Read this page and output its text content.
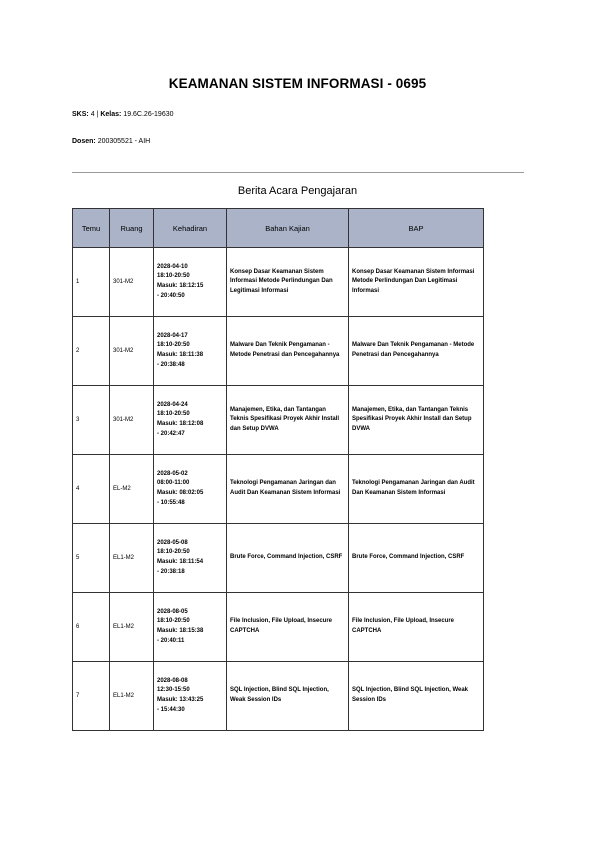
KEAMANAN SISTEM INFORMASI - 0695
SKS: 4 | Kelas: 19.6C.26-19630
Dosen: 200305521 - AIH
Berita Acara Pengajaran
Temu	Ruang	Kehadiran	Bahan Kajian	BAP
1	301-M2	2028-04-10
18:10-20:50
Masuk: 18:12:15
- 20:40:50	Konsep Dasar Keamanan Sistem Informasi Metode Perlindungan Dan Legitimasi Informasi	Konsep Dasar Keamanan Sistem Informasi Metode Perlindungan Dan Legitimasi Informasi
2	301-M2	2028-04-17
18:10-20:50
Masuk: 18:11:38
- 20:38:48	Malware Dan Teknik Pengamanan - Metode Penetrasi dan Pencegahannya	Malware Dan Teknik Pengamanan - Metode Penetrasi dan Pencegahannya
3	301-M2	2028-04-24
18:10-20:50
Masuk: 18:12:08
- 20:42:47	Manajemen, Etika, dan Tantangan Teknis Spesifikasi Proyek Akhir Install dan Setup DVWA	Manajemen, Etika, dan Tantangan Teknis Spesifikasi Proyek Akhir Install dan Setup DVWA
4	EL-M2	2028-05-02
08:00-11:00
Masuk: 08:02:05
- 10:55:48	Teknologi Pengamanan Jaringan dan Audit Dan Keamanan Sistem Informasi	Teknologi Pengamanan Jaringan dan Audit Dan Keamanan Sistem Informasi
5	EL1-M2	2028-05-08
18:10-20:50
Masuk: 18:11:54
- 20:38:18	Brute Force, Command Injection, CSRF	Brute Force, Command Injection, CSRF
6	EL1-M2	2028-08-05
18:10-20:50
Masuk: 18:15:38
- 20:40:11	File Inclusion, File Upload, Insecure CAPTCHA	File Inclusion, File Upload, Insecure CAPTCHA
7	EL1-M2	2028-08-08
12:30-15:50
Masuk: 13:43:25
- 15:44:30	SQL Injection, Blind SQL Injection, Weak Session IDs	SQL Injection, Blind SQL Injection, Weak Session IDs
